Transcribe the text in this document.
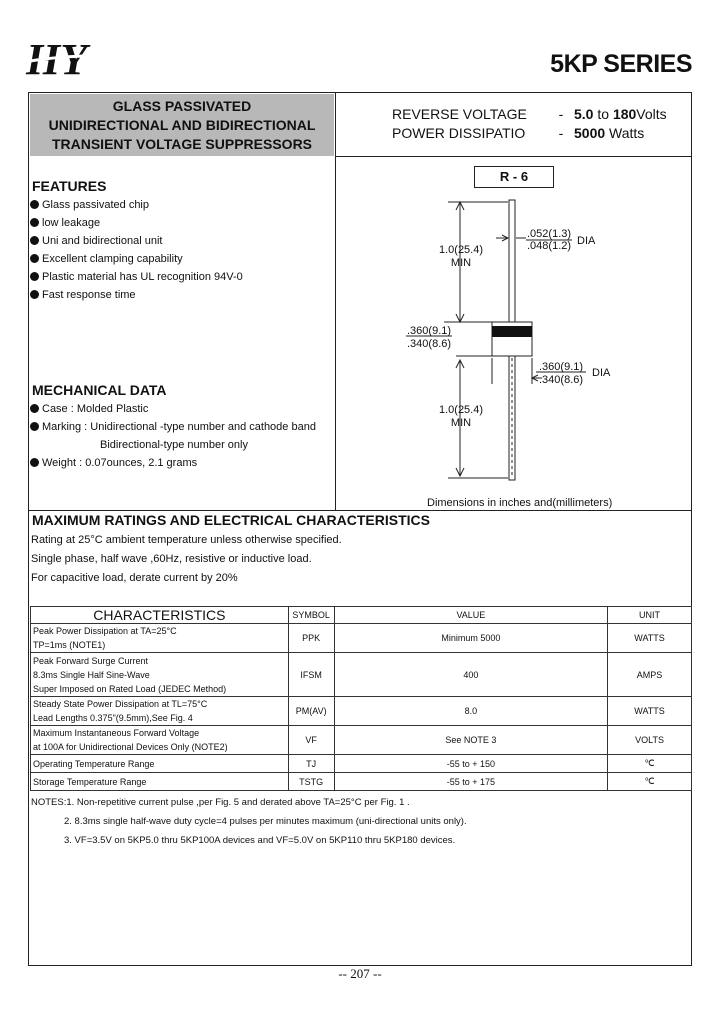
HY	5KP SERIES
GLASS PASSIVATED
UNIDIRECTIONAL AND BIDIRECTIONAL
TRANSIENT VOLTAGE SUPPRESSORS
REVERSE VOLTAGE	- 5.0 to 180Volts
POWER DISSIPATIO	- 5000 Watts
FEATURES
Glass passivated chip
low leakage
Uni and bidirectional unit
Excellent clamping capability
Plastic material has UL recognition 94V-0
Fast response time
MECHANICAL DATA
Case : Molded Plastic
Marking : Unidirectional -type number and cathode band
Bidirectional-type number only
Weight : 0.07ounces, 2.1 grams
R - 6
.052(1.3)
.048(1.2) DIA
1.0(25.4)
MIN
.360(9.1)
.340(8.6)
.360(9.1)
.340(8.6)
DIA
1.0(25.4)
MIN
Dimensions in inches and(millimeters)
MAXIMUM RATINGS AND ELECTRICAL CHARACTERISTICS
Rating at 25°C ambient temperature unless otherwise specified.
Single phase, half wave ,60Hz, resistive or inductive load.
For capacitive load, derate current by 20%
CHARACTERISTICS	SYMBOL	VALUE	UNIT

Peak Power Dissipation at TA=25°C
TP=1ms (NOTE1)	PPK	Minimum 5000	WATTS

Peak Forward Surge Current
8.3ms Single Half Sine-Wave
Super Imposed on Rated Load (JEDEC Method)	IFSM	400	AMPS

Steady State Power Dissipation at TL=75°C
Lead Lengths 0.375"(9.5mm),See Fig. 4	PM(AV)	8.0	WATTS

Maximum Instantaneous Forward Voltage
at 100A for Unidirectional Devices Only (NOTE2)	VF	See NOTE 3	VOLTS

Operating Temperature Range	TJ	-55 to + 150	℃

Storage Temperature Range	TSTG	-55 to + 175	℃
NOTES:1. Non-repetitive current pulse ,per Fig. 5 and derated above TA=25°C per Fig. 1 .
2. 8.3ms single half-wave duty cycle=4 pulses per minutes maximum (uni-directional units only).
3. VF=3.5V on 5KP5.0 thru 5KP100A devices and VF=5.0V on 5KP110 thru 5KP180 devices.
-- 207 --
